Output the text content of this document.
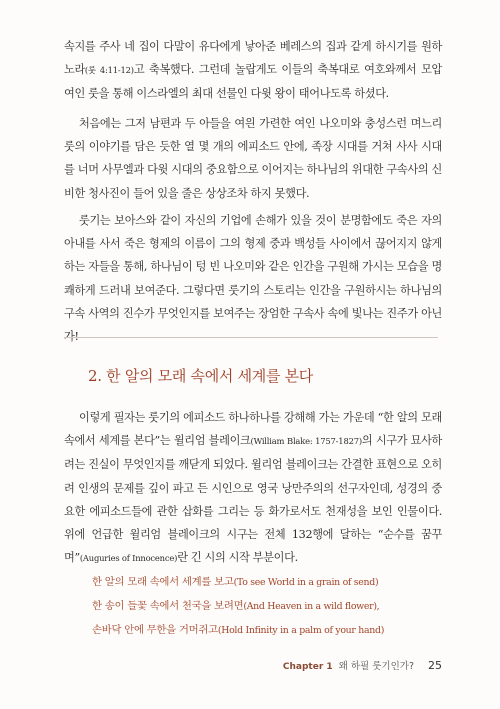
속지를 주사 네 집이 다말이 유다에게 낳아준 베레스의 집과 같게 하시기를 원하노라(룻 4:11-12)고 축복했다. 그런데 놀랍게도 이들의 축복대로 여호와께서 모압 여인 룻을 통해 이스라엘의 최대 선물인 다윗 왕이 태어나도록 하셨다.

처음에는 그저 남편과 두 아들을 여읜 가련한 여인 나오미와 충성스런 며느리 룻의 이야기를 담은 듯한 열 몇 개의 에피소드 안에, 족장 시대를 거쳐 사사 시대를 너머 사무엘과 다윗 시대의 중요함으로 이어지는 하나님의 위대한 구속사의 신비한 청사진이 들어 있을 줄은 상상조차 하지 못했다.

룻기는 보아스와 같이 자신의 기업에 손해가 있을 것이 분명함에도 죽은 자의 아내를 사서 죽은 형제의 이름이 그의 형제 중과 백성들 사이에서 끊어지지 않게 하는 자들을 통해, 하나님이 텅 빈 나오미와 같은 인간을 구원해 가시는 모습을 명쾌하게 드러내 보여준다. 그렇다면 룻기의 스토리는 인간을 구원하시는 하나님의 구속 사역의 진수가 무엇인지를 보여주는 장엄한 구속사 속에 빛나는 진주가 아닌가!

2. 한 알의 모래 속에서 세계를 본다

이렇게 필자는 룻기의 에피소드 하나하나를 강해해 가는 가운데 “한 알의 모래 속에서 세계를 본다”는 윌리엄 블레이크(William Blake: 1757-1827)의 시구가 묘사하려는 진실이 무엇인지를 깨닫게 되었다. 윌리엄 블레이크는 간결한 표현으로 오히려 인생의 문제를 깊이 파고 든 시인으로 영국 낭만주의의 선구자인데, 성경의 중요한 에피소드들에 관한 삽화를 그리는 등 화가로서도 천재성을 보인 인물이다. 위에 언급한 윌리엄 블레이크의 시구는 전체 132행에 달하는 “순수를 꿈꾸며”(Auguries of Innocence)란 긴 시의 시작 부분이다.

한 알의 모래 속에서 세계를 보고(To see World in a grain of send)
한 송이 들꽃 속에서 천국을 보려면(And Heaven in a wild flower),
손바닥 안에 무한을 거머쥐고(Hold Infinity in a palm of your hand)
Chapter 1 왜 하필 룻기인가? 25
